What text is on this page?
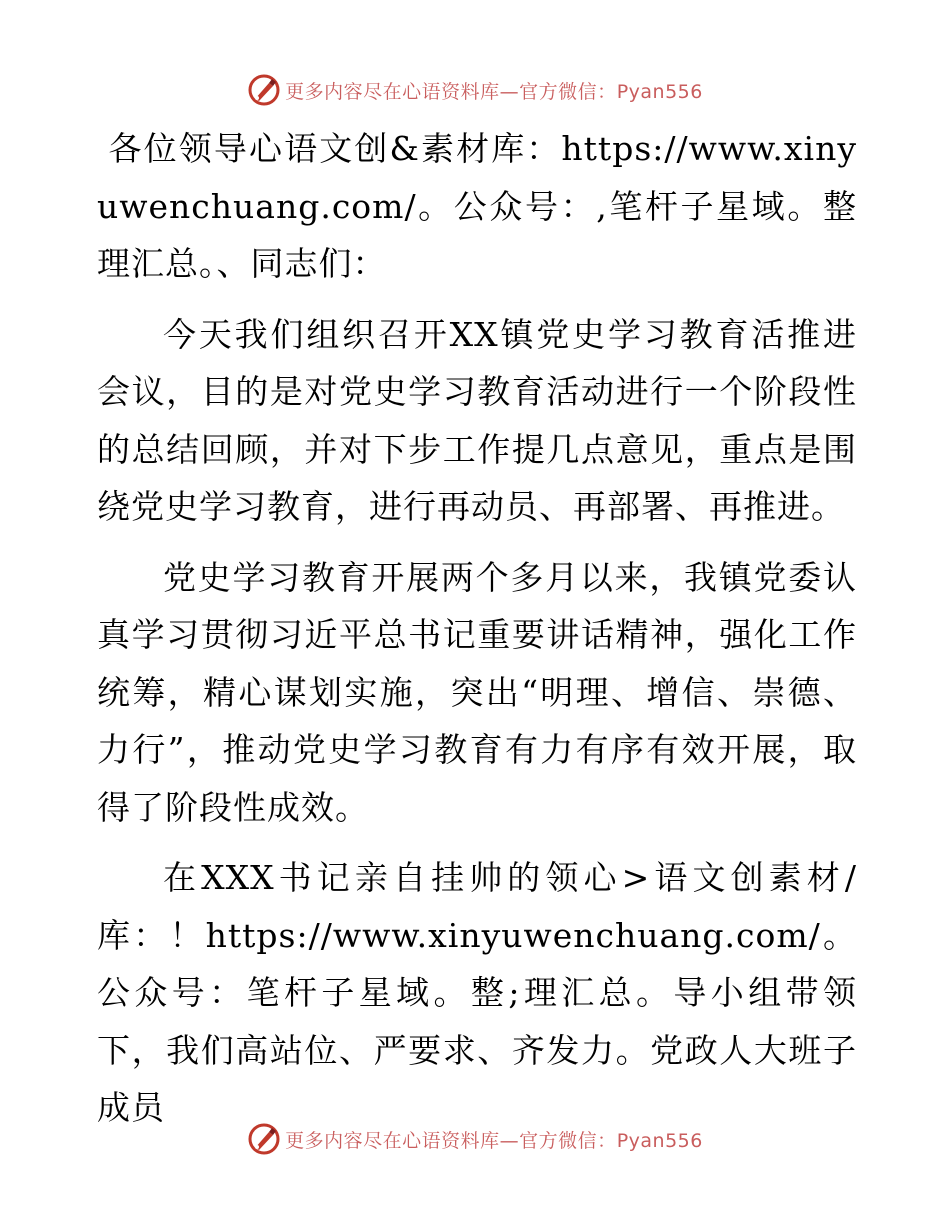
更多内容尽在心语资料库—官方微信：Pyan556

各位领导心语文创&素材库：https://www.xinyuwenchuang.com/。公众号：,笔杆子星域。整理汇总。、同志们：

今天我们组织召开XX镇党史学习教育活推进会议，目的是对党史学习教育活动进行一个阶段性的总结回顾，并对下步工作提几点意见，重点是围绕党史学习教育，进行再动员、再部署、再推进。

党史学习教育开展两个多月以来，我镇党委认真学习贯彻习近平总书记重要讲话精神，强化工作统筹，精心谋划实施，突出“明理、增信、崇德、力行”，推动党史学习教育有力有序有效开展，取得了阶段性成效。

在XXX书记亲自挂帅的领心>语文创素材/库：！https://www.xinyuwenchuang.com/。公众号：笔杆子星域。整;理汇总。导小组带领下，我们高站位、严要求、齐发力。党政人大班子成员

更多内容尽在心语资料库—官方微信：Pyan556
